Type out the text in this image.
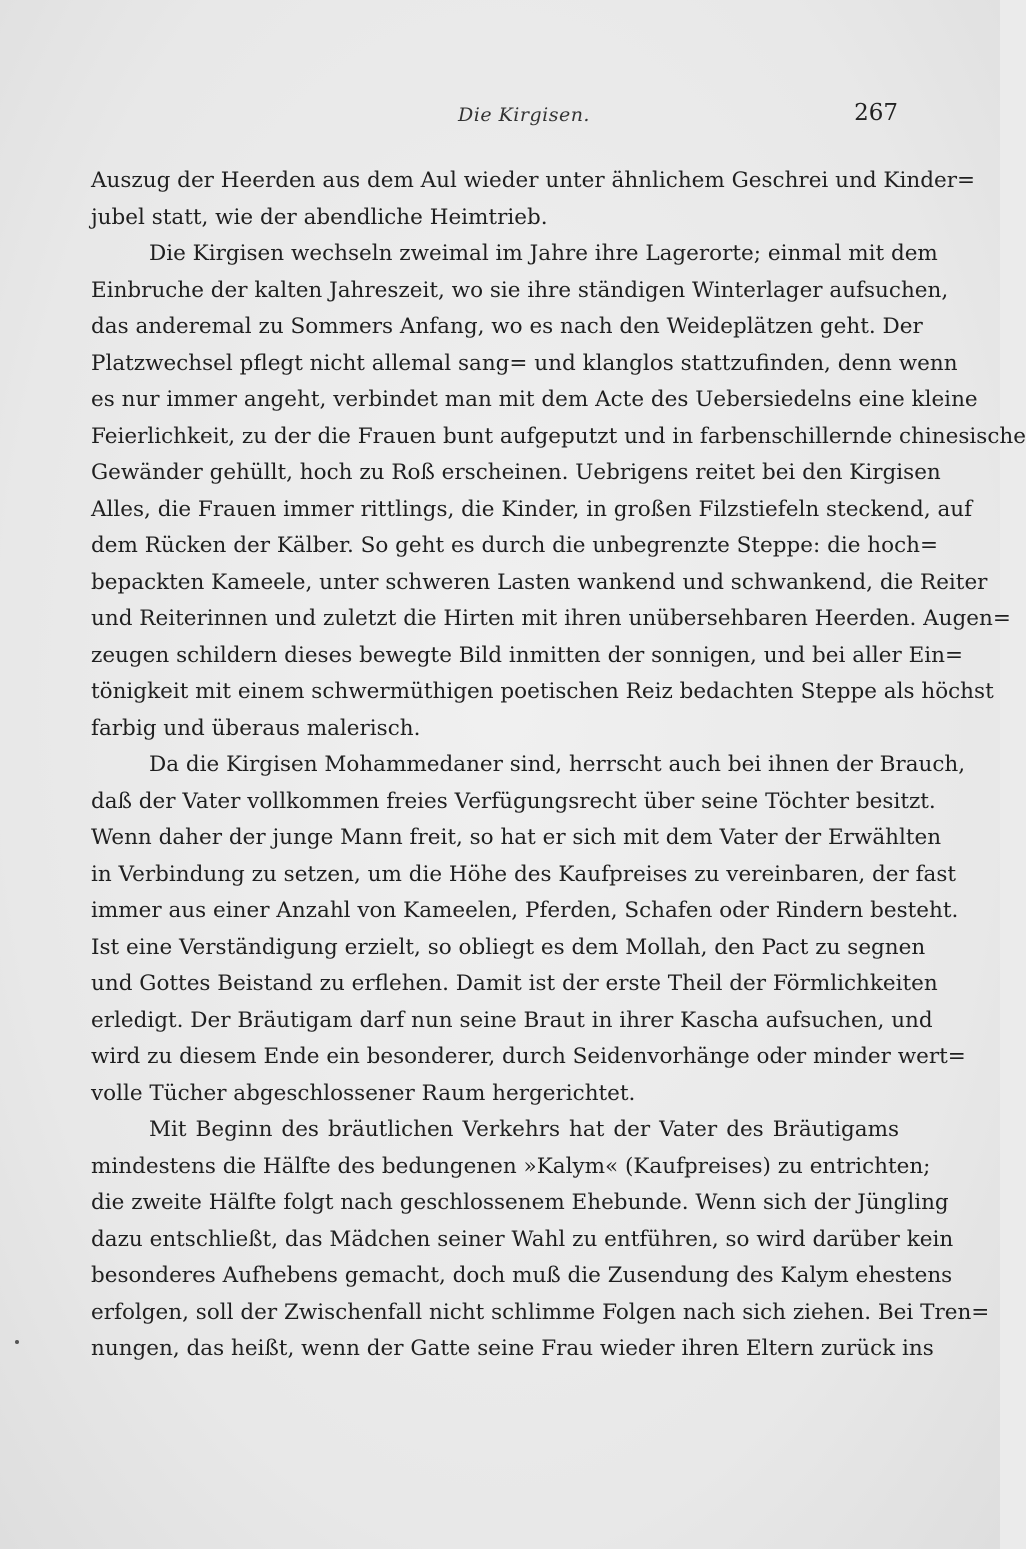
Die Kirgisen.	267
Auszug der Heerden aus dem Aul wieder unter ähnlichem Geschrei und Kinder=
jubel statt, wie der abendliche Heimtrieb.
Die Kirgisen wechseln zweimal im Jahre ihre Lagerorte; einmal mit dem
Einbruche der kalten Jahreszeit, wo sie ihre ständigen Winterlager aufsuchen,
das anderemal zu Sommers Anfang, wo es nach den Weideplätzen geht. Der
Platzwechsel pflegt nicht allemal sang= und klanglos stattzufinden, denn wenn
es nur immer angeht, verbindet man mit dem Acte des Uebersiedelns eine kleine
Feierlichkeit, zu der die Frauen bunt aufgeputzt und in farbenschillernde chinesische
Gewänder gehüllt, hoch zu Roß erscheinen. Uebrigens reitet bei den Kirgisen
Alles, die Frauen immer rittlings, die Kinder, in großen Filzstiefeln steckend, auf
dem Rücken der Kälber. So geht es durch die unbegrenzte Steppe: die hoch=
bepackten Kameele, unter schweren Lasten wankend und schwankend, die Reiter
und Reiterinnen und zuletzt die Hirten mit ihren unübersehbaren Heerden. Augen=
zeugen schildern dieses bewegte Bild inmitten der sonnigen, und bei aller Ein=
tönigkeit mit einem schwermüthigen poetischen Reiz bedachten Steppe als höchst
farbig und überaus malerisch.
Da die Kirgisen Mohammedaner sind, herrscht auch bei ihnen der Brauch,
daß der Vater vollkommen freies Verfügungsrecht über seine Töchter besitzt.
Wenn daher der junge Mann freit, so hat er sich mit dem Vater der Erwählten
in Verbindung zu setzen, um die Höhe des Kaufpreises zu vereinbaren, der fast
immer aus einer Anzahl von Kameelen, Pferden, Schafen oder Rindern besteht.
Ist eine Verständigung erzielt, so obliegt es dem Mollah, den Pact zu segnen
und Gottes Beistand zu erflehen. Damit ist der erste Theil der Förmlichkeiten
erledigt. Der Bräutigam darf nun seine Braut in ihrer Kascha aufsuchen, und
wird zu diesem Ende ein besonderer, durch Seidenvorhänge oder minder wert=
volle Tücher abgeschlossener Raum hergerichtet.
Mit Beginn des bräutlichen Verkehrs hat der Vater des Bräutigams
mindestens die Hälfte des bedungenen »Kalym« (Kaufpreises) zu entrichten;
die zweite Hälfte folgt nach geschlossenem Ehebunde. Wenn sich der Jüngling
dazu entschließt, das Mädchen seiner Wahl zu entführen, so wird darüber kein
besonderes Aufhebens gemacht, doch muß die Zusendung des Kalym ehestens
erfolgen, soll der Zwischenfall nicht schlimme Folgen nach sich ziehen. Bei Tren=
nungen, das heißt, wenn der Gatte seine Frau wieder ihren Eltern zurück ins
